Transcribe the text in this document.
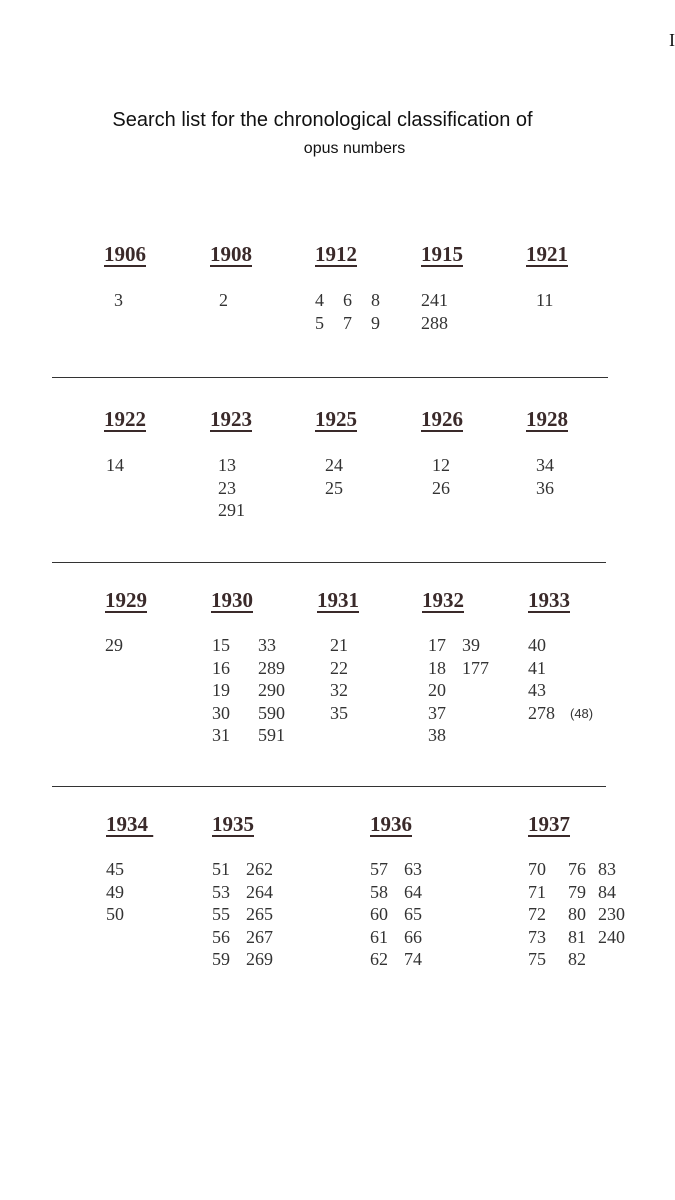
I
Search list for the chronological classification of
opus numbers
1906
3
1908
2
1912
4 6 8
5 7 9
1915
241
288
1921
11
1922
14
1923
13
23
291
1925
24
25
1926
12
26
1928
34
36
1929
29
1930
15 33
16 289
19 290
30 590
31 591
1931
21
22
32
35
1932
17 39
18 177
20
37
38
1933
40
41
43
278 (48)
1934
45
49
50
1935
51 262
53 264
55 265
56 267
59 269
1936
57 63
58 64
60 65
61 66
62 74
1937
70 76 83
71 79 84
72 80 230
73 81 240
75 82
